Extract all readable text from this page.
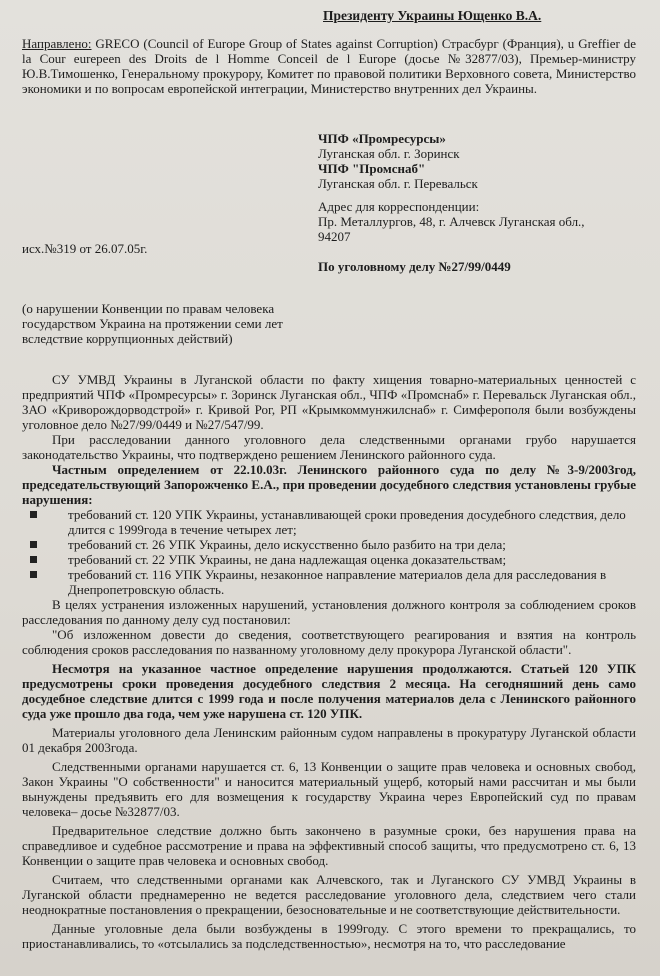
Президенту Украины Ющенко В.А.

Направлено: GRECO (Council of Europe Group of States against Corruption) Страсбург (Франция), u Greffier de la Cour eurepeen des Droits de l Homme Conceil de l Europe (досье №32877/03), Премьер-министру Ю.В.Тимошенко, Генеральному прокурору, Комитет по правовой политики Верховного совета, Министерство экономики и по вопросам европейской интеграции, Министерство внутренних дел Украины.

ЧПФ «Промресурсы»
Луганская обл. г. Зоринск
ЧПФ "Промснаб"
Луганская обл. г. Перевальск
Адрес для корреспонденции:
Пр. Металлургов, 48, г. Алчевск Луганская обл.,
94207
исх.№319 от 26.07.05г.
По уголовному делу №27/99/0449
(о нарушении Конвенции по правам человека
государством Украина на протяжении семи лет
вследствие коррупционных действий)

СУ УМВД Украины в Луганской области по факту хищения товарно-материальных ценностей с предприятий ЧПФ «Промресурсы» г. Зоринск Луганская обл., ЧПФ «Промснаб» г. Перевальск Луганская обл., ЗАО «Криворождорводстрой» г. Кривой Рог, РП «Крымкоммунжилснаб» г. Симферополя были возбуждены уголовное дело №27/99/0449 и №27/547/99.

При расследовании данного уголовного дела следственными органами грубо нарушается законодательство Украины, что подтверждено решением Ленинского районного суда.

Частным определением от 22.10.03г. Ленинского районного суда по делу №3-9/2003год, председательствующий Запорожченко Е.А., при проведении досудебного следствия установлены грубые нарушения:

требований ст. 120 УПК Украины, устанавливающей сроки проведения досудебного следствия, дело длится с 1999года в течение четырех лет;
требований ст. 26 УПК Украины, дело искусственно было разбито на три дела;
требований ст. 22 УПК Украины, не дана надлежащая оценка доказательствам;
требований ст. 116 УПК Украины, незаконное направление материалов дела для расследования в Днепропетровскую область.

В целях устранения изложенных нарушений, установления должного контроля за соблюдением сроков расследования по данному делу суд постановил:

"Об изложенном довести до сведения, соответствующего реагирования и взятия на контроль соблюдения сроков расследования по названному уголовному делу прокурора Луганской области".

Несмотря на указанное частное определение нарушения продолжаются. Статьей 120 УПК предусмотрены сроки проведения досудебного следствия 2 месяца. На сегодняшний день само досудебное следствие длится с 1999 года и после получения материалов дела с Ленинского районного суда уже прошло два года, чем уже нарушена ст. 120 УПК.

Материалы уголовного дела Ленинским районным судом направлены в прокуратуру Луганской области 01 декабря 2003года.

Следственными органами нарушается ст. 6, 13 Конвенции о защите прав человека и основных свобод, Закон Украины "О собственности" и наносится материальный ущерб, который нами рассчитан и мы были вынуждены предъявить его для возмещения к государству Украина через Европейский суд по правам человека– досье №32877/03.

Предварительное следствие должно быть закончено в разумные сроки, без нарушения права на справедливое и судебное рассмотрение и права на эффективный способ защиты, что предусмотрено ст. 6, 13 Конвенции о защите прав человека и основных свобод.

Считаем, что следственными органами как Алчевского, так и Луганского СУ УМВД Украины в Луганской области преднамеренно не ведется расследование уголовного дела, следствием чего стали неоднократные постановления о прекращении, безосновательные и не соответствующие действительности.

Данные уголовные дела были возбуждены в 1999году. С этого времени то прекращались, то приостанавливались, то «отсылались за подследственностью», несмотря на то, что расследование
